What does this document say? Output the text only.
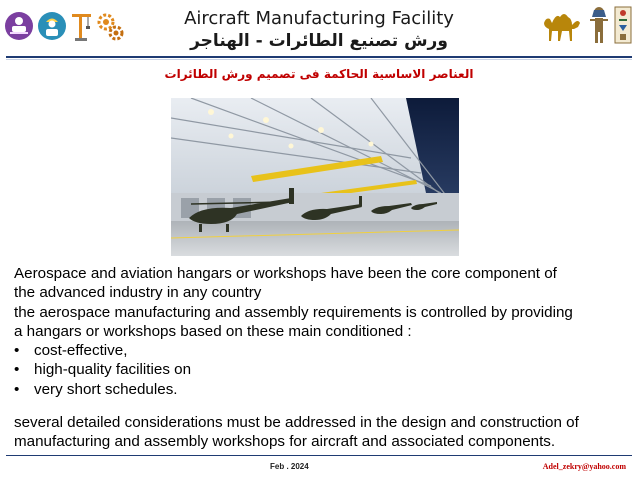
Aircraft Manufacturing Facility
ورش تصنيع الطائرات - الهناجر
العناصر الاساسية الحاكمة فى تصميم ورش الطائرات

Aerospace and aviation hangars or workshops have been the core component of

the advanced industry in any country

the aerospace manufacturing and assembly requirements is controlled by providing

a hangars or workshops based on these main conditioned :

• cost-effective,
• high-quality facilities on
• very short schedules.

several detailed considerations must be addressed in the design and construction of

manufacturing and assembly workshops for aircraft and associated components.

Feb . 2024	Adel_zekry@yahoo.com
